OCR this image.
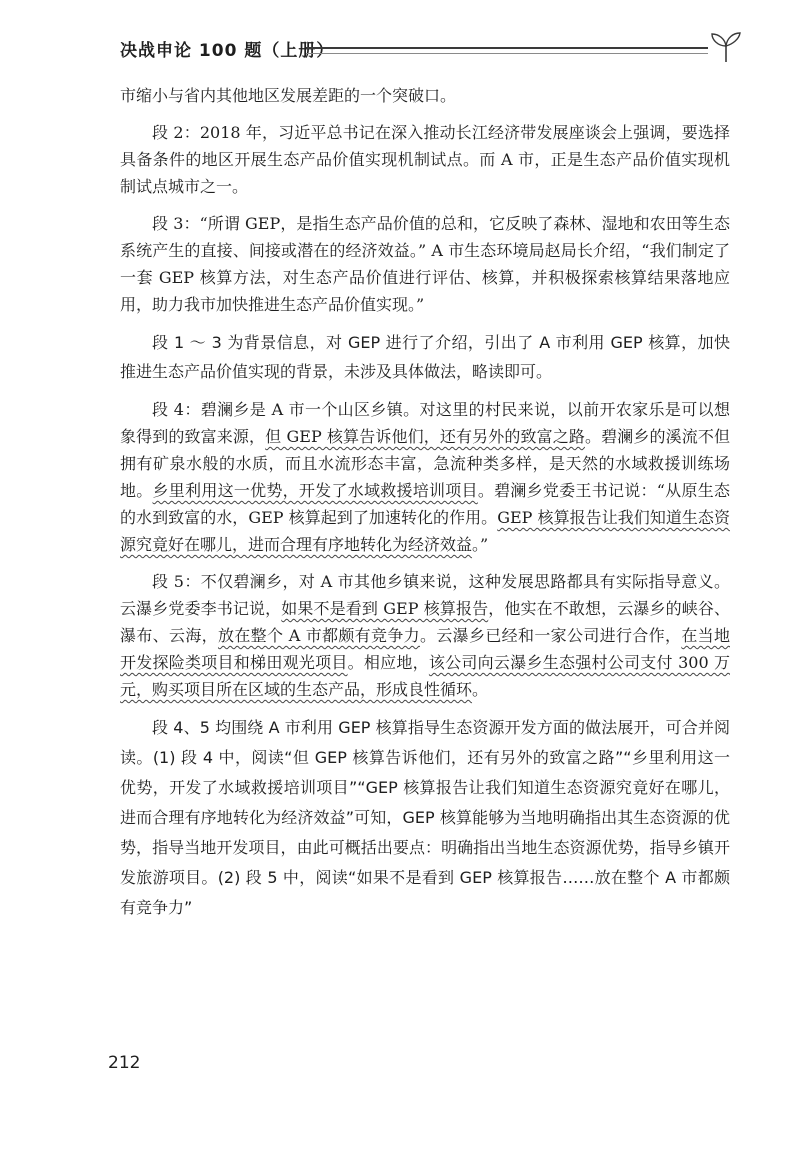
决战申论 100 题（上册）

市缩小与省内其他地区发展差距的一个突破口。

段 2：2018 年，习近平总书记在深入推动长江经济带发展座谈会上强调，要选择具备条件的地区开展生态产品价值实现机制试点。而 A 市，正是生态产品价值实现机制试点城市之一。

段 3：“所谓 GEP，是指生态产品价值的总和，它反映了森林、湿地和农田等生态系统产生的直接、间接或潜在的经济效益。” A 市生态环境局赵局长介绍，“我们制定了一套 GEP 核算方法，对生态产品价值进行评估、核算，并积极探索核算结果落地应用，助力我市加快推进生态产品价值实现。”

段 1 ～ 3 为背景信息，对 GEP 进行了介绍，引出了 A 市利用 GEP 核算，加快推进生态产品价值实现的背景，未涉及具体做法，略读即可。

段 4：碧澜乡是 A 市一个山区乡镇。对这里的村民来说，以前开农家乐是可以想象得到的致富来源，但 GEP 核算告诉他们，还有另外的致富之路。碧澜乡的溪流不但拥有矿泉水般的水质，而且水流形态丰富，急流种类多样，是天然的水域救援训练场地。乡里利用这一优势，开发了水域救援培训项目。碧澜乡党委王书记说：“从原生态的水到致富的水，GEP 核算起到了加速转化的作用。GEP 核算报告让我们知道生态资源究竟好在哪儿，进而合理有序地转化为经济效益。”

段 5：不仅碧澜乡，对 A 市其他乡镇来说，这种发展思路都具有实际指导意义。云瀑乡党委李书记说，如果不是看到 GEP 核算报告，他实在不敢想，云瀑乡的峡谷、瀑布、云海，放在整个 A 市都颇有竞争力。云瀑乡已经和一家公司进行合作，在当地开发探险类项目和梯田观光项目。相应地，该公司向云瀑乡生态强村公司支付 300 万元，购买项目所在区域的生态产品，形成良性循环。

段 4、5 均围绕 A 市利用 GEP 核算指导生态资源开发方面的做法展开，可合并阅读。(1) 段 4 中，阅读“但 GEP 核算告诉他们，还有另外的致富之路”“乡里利用这一优势，开发了水域救援培训项目”“GEP 核算报告让我们知道生态资源究竟好在哪儿，进而合理有序地转化为经济效益”可知，GEP 核算能够为当地明确指出其生态资源的优势，指导当地开发项目，由此可概括出要点：明确指出当地生态资源优势，指导乡镇开发旅游项目。(2) 段 5 中，阅读“如果不是看到 GEP 核算报告……放在整个 A 市都颇有竞争力”

212
